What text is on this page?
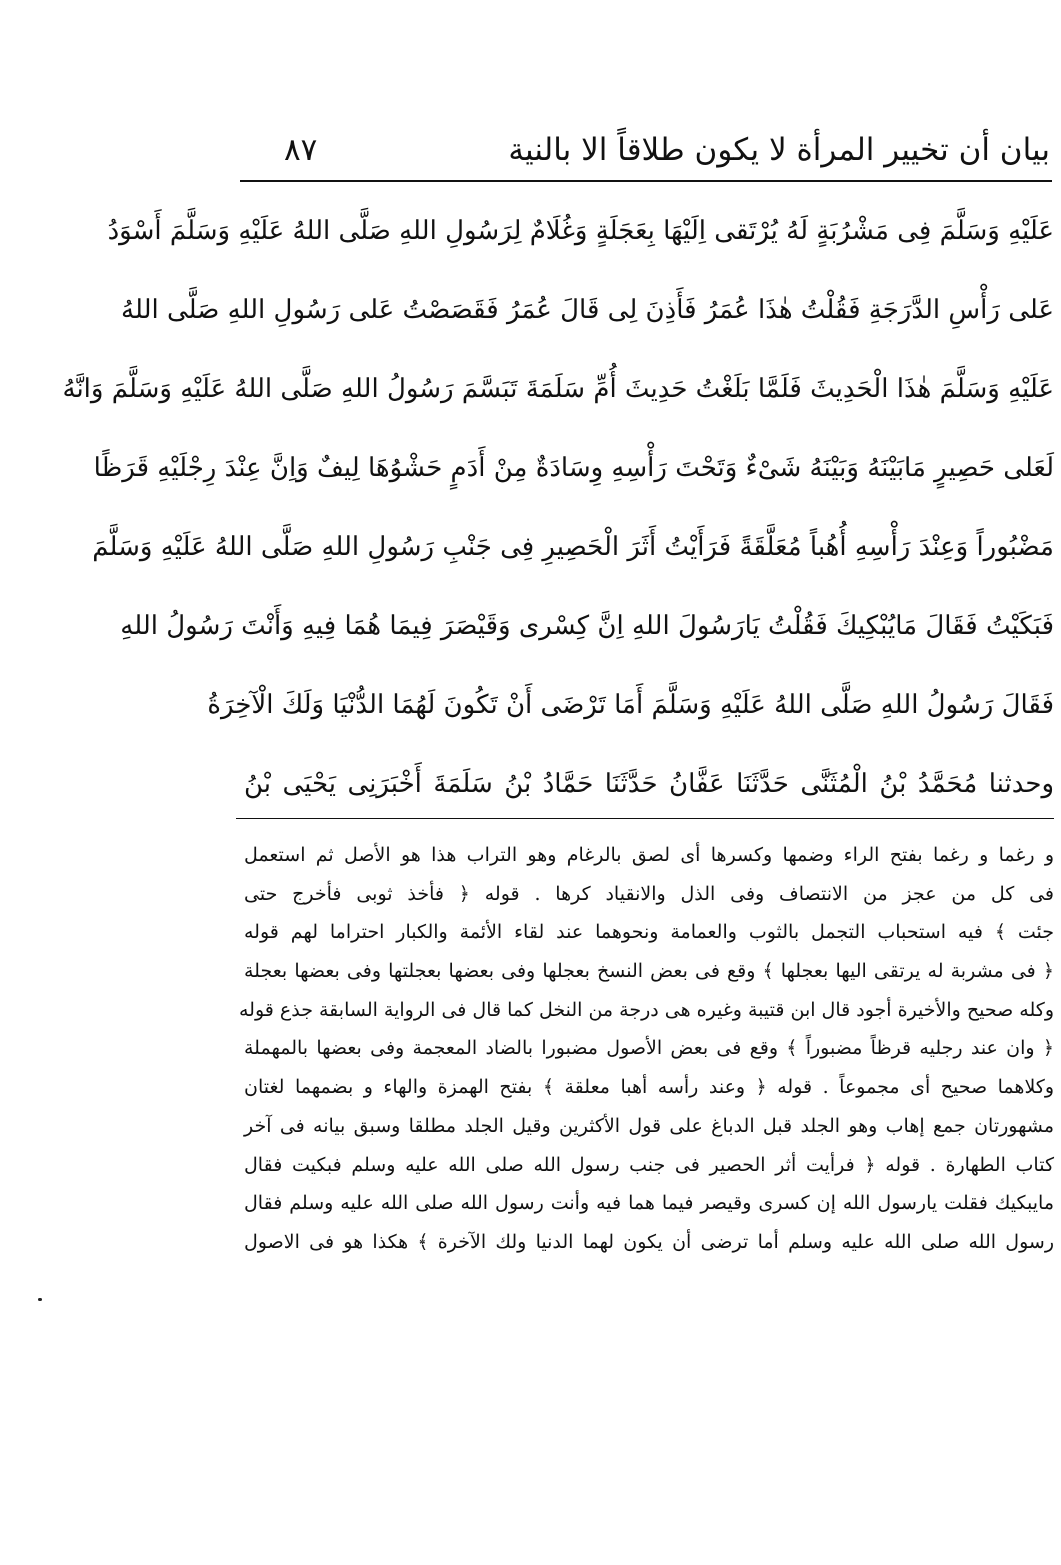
بيان أن تخيير المرأة لا يكون طلاقاً الا بالنية
٨٧
عَلَيْهِ وَسَلَّمَ فِى مَشْرُبَةٍ لَهُ يُرْتَقى اِلَيْهَا بِعَجَلَةٍ وَغُلَامٌ لِرَسُولِ اللهِ صَلَّى اللهُ عَلَيْهِ وَسَلَّمَ أَسْوَدُ
عَلى رَأْسِ الدَّرَجَةِ فَقُلْتُ هٰذَا عُمَرُ فَأَذِنَ لِى قَالَ عُمَرُ فَقَصَصْتُ عَلى رَسُولِ اللهِ صَلَّى اللهُ
عَلَيْهِ وَسَلَّمَ هٰذَا الْحَدِيثَ فَلَمَّا بَلَغْتُ حَدِيثَ أُمِّ سَلَمَةَ تَبَسَّمَ رَسُولُ اللهِ صَلَّى اللهُ عَلَيْهِ وَسَلَّمَ وَانَّهُ
لَعَلى حَصِيرٍ مَابَيْنَهُ وَبَيْنَهُ شَىْءٌ وَتَحْتَ رَأْسِهِ وِسَادَةٌ مِنْ أَدَمٍ حَشْوُهَا لِيفٌ وَاِنَّ عِنْدَ رِجْلَيْهِ قَرَظًا
مَضْبُوراً وَعِنْدَ رَأْسِهِ أُهُباً مُعَلَّقَةً فَرَأَيْتُ أَثَرَ الْحَصِيرِ فِى جَنْبِ رَسُولِ اللهِ صَلَّى اللهُ عَلَيْهِ وَسَلَّمَ
فَبَكَيْتُ فَقَالَ مَايُبْكِيكَ فَقُلْتُ يَارَسُولَ اللهِ اِنَّ كِسْرى وَقَيْصَرَ فِيمَا هُمَا فِيهِ وَأَنْتَ رَسُولُ اللهِ
فَقَالَ رَسُولُ اللهِ صَلَّى اللهُ عَلَيْهِ وَسَلَّمَ أَمَا تَرْضَى أَنْ تَكُونَ لَهُمَا الدُّنْيَا وَلَكَ الْآخِرَةُ
وحدثنا مُحَمَّدُ بْنُ الْمُثَنَّى حَدَّثَنَا عَفَّانُ حَدَّثَنَا حَمَّادُ بْنُ سَلَمَةَ أَخْبَرَنِى يَحْيَى بْنُ
و رغما و رغما بفتح الراء وضمها وكسرها أى لصق بالرغام وهو التراب هذا هو الأصل ثم استعمل
فى كل من عجز من الانتصاف وفى الذل والانقياد كرها . قوله ﴿ فأخذ ثوبى فأخرج حتى
جئت ﴾ فيه استحباب التجمل بالثوب والعمامة ونحوهما عند لقاء الأئمة والكبار احتراما لهم قوله
﴿ فى مشربة له يرتقى اليها بعجلها ﴾ وقع فى بعض النسخ بعجلها وفى بعضها بعجلتها وفى بعضها بعجلة
وكله صحيح والأخيرة أجود قال ابن قتيبة وغيره هى درجة من النخل كما قال فى الرواية السابقة جذع قوله
﴿ وان عند رجليه قرظاً مضبوراً ﴾ وقع فى بعض الأصول مضبورا بالضاد المعجمة وفى بعضها بالمهملة
وكلاهما صحيح أى مجموعاً . قوله ﴿ وعند رأسه أهبا معلقة ﴾ بفتح الهمزة والهاء و بضمهما لغتان
مشهورتان جمع إهاب وهو الجلد قبل الدباغ على قول الأكثرين وقيل الجلد مطلقا وسبق بيانه فى آخر
كتاب الطهارة . قوله ﴿ فرأيت أثر الحصير فى جنب رسول الله صلى الله عليه وسلم فبكيت فقال
مايبكيك فقلت يارسول الله إن كسرى وقيصر فيما هما فيه وأنت رسول الله صلى الله عليه وسلم فقال
رسول الله صلى الله عليه وسلم أما ترضى أن يكون لهما الدنيا ولك الآخرة ﴾ هكذا هو فى الاصول
